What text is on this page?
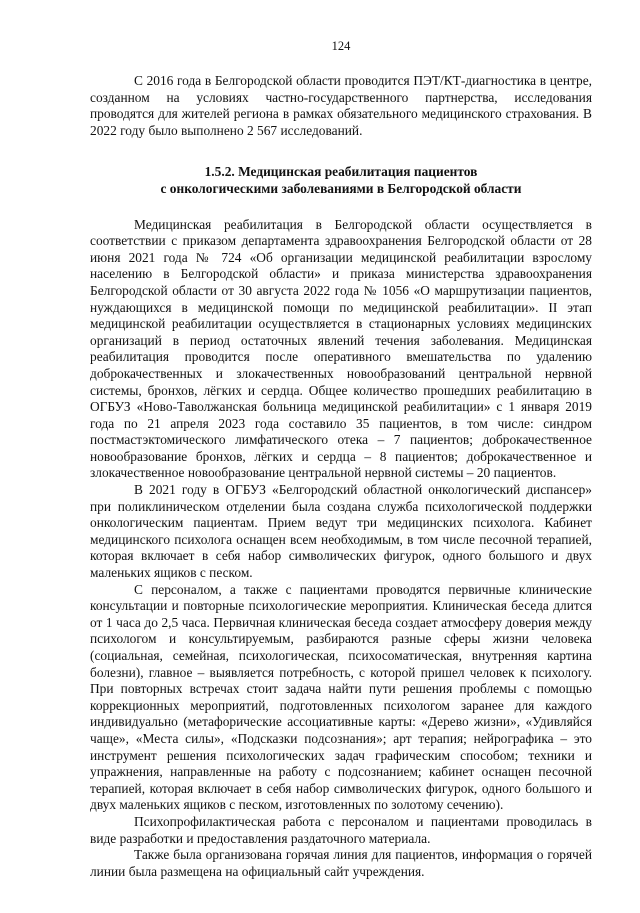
124

С 2016 года в Белгородской области проводится ПЭТ/КТ-диагностика в центре, созданном на условиях частно-государственного партнерства, исследования проводятся для жителей региона в рамках обязательного медицинского страхования. В 2022 году было выполнено 2 567 исследований.

1.5.2. Медицинская реабилитация пациентов
с онкологическими заболеваниями в Белгородской области

Медицинская реабилитация в Белгородской области осуществляется в соответствии с приказом департамента здравоохранения Белгородской области от 28 июня 2021 года № 724 «Об организации медицинской реабилитации взрослому населению в Белгородской области» и приказа министерства здравоохранения Белгородской области от 30 августа 2022 года № 1056 «О маршрутизации пациентов, нуждающихся в медицинской помощи по медицинской реабилитации». II этап медицинской реабилитации осуществляется в стационарных условиях медицинских организаций в период остаточных явлений течения заболевания. Медицинская реабилитация проводится после оперативного вмешательства по удалению доброкачественных и злокачественных новообразований центральной нервной системы, бронхов, лёгких и сердца. Общее количество прошедших реабилитацию в ОГБУЗ «Ново-Таволжанская больница медицинской реабилитации» с 1 января 2019 года по 21 апреля 2023 года составило 35 пациентов, в том числе: синдром постмастэктомического лимфатического отека – 7 пациентов; доброкачественное новообразование бронхов, лёгких и сердца – 8 пациентов; доброкачественное и злокачественное новообразование центральной нервной системы – 20 пациентов.

В 2021 году в ОГБУЗ «Белгородский областной онкологический диспансер» при поликлиническом отделении была создана служба психологической поддержки онкологическим пациентам. Прием ведут три медицинских психолога. Кабинет медицинского психолога оснащен всем необходимым, в том числе песочной терапией, которая включает в себя набор символических фигурок, одного большого и двух маленьких ящиков с песком.

С персоналом, а также с пациентами проводятся первичные клинические консультации и повторные психологические мероприятия. Клиническая беседа длится от 1 часа до 2,5 часа. Первичная клиническая беседа создает атмосферу доверия между психологом и консультируемым, разбираются разные сферы жизни человека (социальная, семейная, психологическая, психосоматическая, внутренняя картина болезни), главное – выявляется потребность, с которой пришел человек к психологу. При повторных встречах стоит задача найти пути решения проблемы с помощью коррекционных мероприятий, подготовленных психологом заранее для каждого индивидуально (метафорические ассоциативные карты: «Дерево жизни», «Удивляйся чаще», «Места силы», «Подсказки подсознания»; арт терапия; нейрографика – это инструмент решения психологических задач графическим способом; техники и упражнения, направленные на работу с подсознанием; кабинет оснащен песочной терапией, которая включает в себя набор символических фигурок, одного большого и двух маленьких ящиков с песком, изготовленных по золотому сечению).

Психопрофилактическая работа с персоналом и пациентами проводилась в виде разработки и предоставления раздаточного материала.

Также была организована горячая линия для пациентов, информация о горячей линии была размещена на официальный сайт учреждения.
